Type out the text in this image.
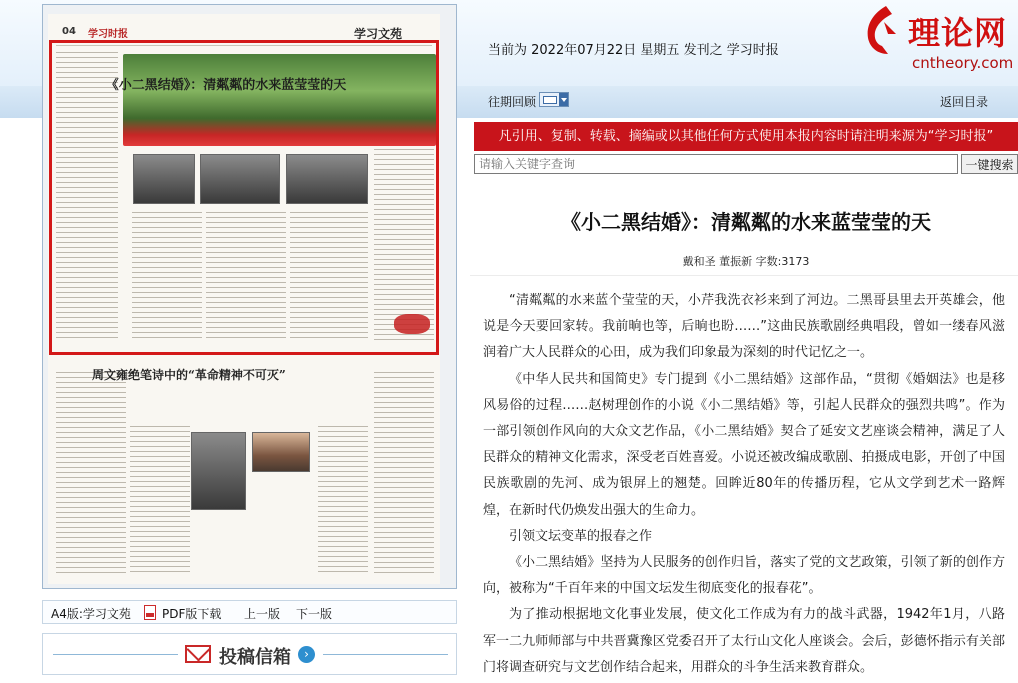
04 学习时报	学习文苑
《小二黑结婚》：清粼粼的水来蓝莹莹的天
周文雍绝笔诗中的“革命精神不可灭”
A4版:学习文苑	PDF版下载 上一版 下一版
投稿信箱	›
当前为 2022年07月22日 星期五 发刊之 学习时报	理论网
cntheory.com
往期回顾	返回目录
凡引用、复制、转载、摘编或以其他任何方式使用本报内容时请注明来源为“学习时报”
请输入关键字查询
一键搜索
《小二黑结婚》：清粼粼的水来蓝莹莹的天
戴和圣 董振新 字数:3173

“清粼粼的水来蓝个莹莹的天，小芹我洗衣衫来到了河边。二黑哥县里去开英雄会，他说是今天要回家转。我前晌也等，后晌也盼……”这曲民族歌剧经典唱段，曾如一缕春风滋润着广大人民群众的心田，成为我们印象最为深刻的时代记忆之一。

《中华人民共和国简史》专门提到《小二黑结婚》这部作品，“贯彻《婚姻法》也是移风易俗的过程……赵树理创作的小说《小二黑结婚》等，引起人民群众的强烈共鸣”。作为一部引领创作风向的大众文艺作品，《小二黑结婚》契合了延安文艺座谈会精神，满足了人民群众的精神文化需求，深受老百姓喜爱。小说还被改编成歌剧、拍摄成电影，开创了中国民族歌剧的先河、成为银屏上的翘楚。回眸近80年的传播历程，它从文学到艺术一路辉煌，在新时代仍焕发出强大的生命力。

引领文坛变革的报春之作

《小二黑结婚》坚持为人民服务的创作归旨，落实了党的文艺政策，引领了新的创作方向，被称为“千百年来的中国文坛发生彻底变化的报春花”。

为了推动根据地文化事业发展，使文化工作成为有力的战斗武器，1942年1月，八路军一二九师师部与中共晋冀豫区党委召开了太行山文化人座谈会。会后，彭德怀指示有关部门将调查研究与文艺创作结合起来，用群众的斗争生活来教育群众。
